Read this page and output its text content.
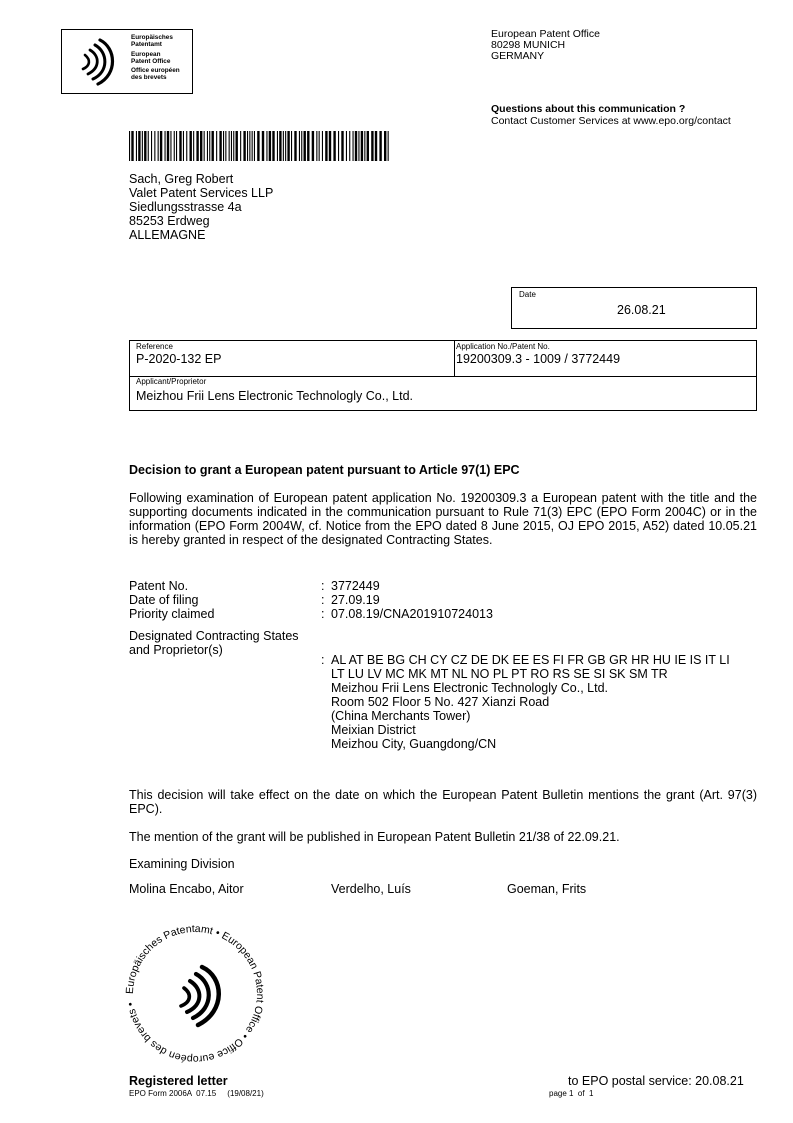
Europäisches
Patentamt
European
Patent Office
Office européen
des brevets
European Patent Office
80298 MUNICH
GERMANY
Questions about this communication ?
Contact Customer Services at www.epo.org/contact
Sach, Greg Robert
Valet Patent Services LLP
Siedlungsstrasse 4a
85253 Erdweg
ALLEMAGNE
Date
26.08.21
Reference
P-2020-132 EP
Application No./Patent No.
19200309.3 - 1009 / 3772449
Applicant/Proprietor
Meizhou Frii Lens Electronic Technologly Co., Ltd.
Decision to grant a European patent pursuant to Article 97(1) EPC

Following examination of European patent application No. 19200309.3 a European patent with the title and the supporting documents indicated in the communication pursuant to Rule 71(3) EPC (EPO Form 2004C) or in the information (EPO Form 2004W, cf. Notice from the EPO dated 8 June 2015, OJ EPO 2015, A52) dated 10.05.21 is hereby granted in respect of the designated Contracting States.

Patent No.
Date of filing
Priority claimed
Designated Contracting States
and Proprietor(s)
:
:
:
:
3772449
27.09.19
07.08.19/CNA201910724013
AL AT BE BG CH CY CZ DE DK EE ES FI FR GB GR HR HU IE IS IT LI
LT LU LV MC MK MT NL NO PL PT RO RS SE SI SK SM TR
Meizhou Frii Lens Electronic Technologly Co., Ltd.
Room 502 Floor 5 No. 427 Xianzi Road
(China Merchants Tower)
Meixian District
Meizhou City, Guangdong/CN

This decision will take effect on the date on which the European Patent Bulletin mentions the grant (Art. 97(3) EPC).

The mention of the grant will be published in European Patent Bulletin 21/38 of 22.09.21.

Examining Division
Molina Encabo, Aitor	Verdelho, Luís	Goeman, Frits
Europäisches Patentamt • European Patent Office • Office européen des brevets •
Registered letter
EPO Form 2006A  07.15     (19/08/21)
to EPO postal service: 20.08.21
page 1  of  1
